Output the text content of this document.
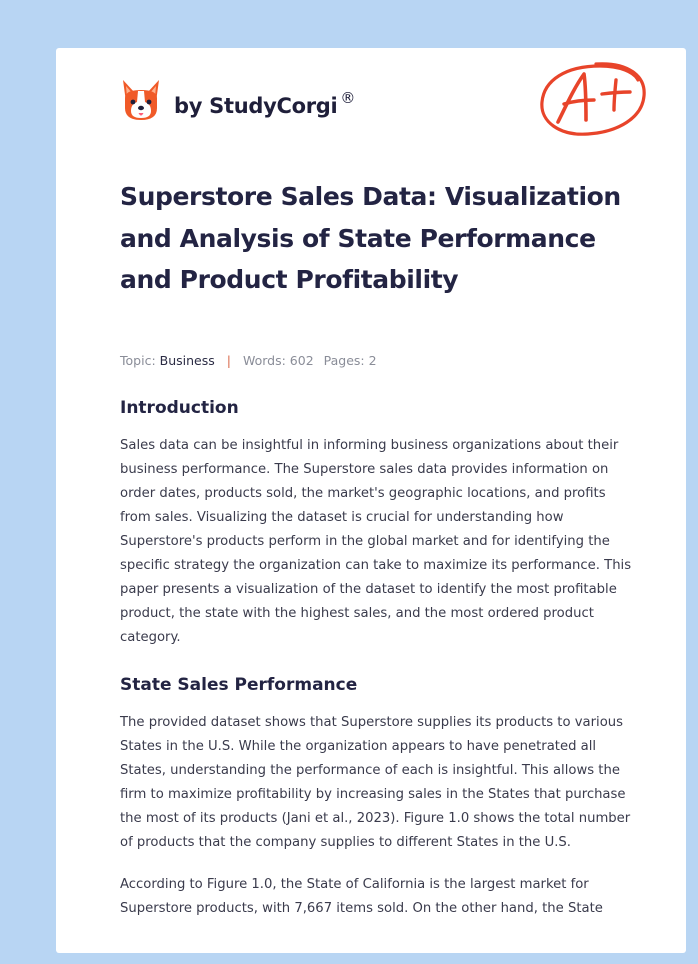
by StudyCorgi ®
Superstore Sales Data: Visualization and Analysis of State Performance and Product Profitability
Topic: Business | Words: 602 Pages: 2
Introduction

Sales data can be insightful in informing business organizations about their business performance. The Superstore sales data provides information on order dates, products sold, the market's geographic locations, and profits from sales. Visualizing the dataset is crucial for understanding how Superstore's products perform in the global market and for identifying the specific strategy the organization can take to maximize its performance. This paper presents a visualization of the dataset to identify the most profitable product, the state with the highest sales, and the most ordered product category.

State Sales Performance

The provided dataset shows that Superstore supplies its products to various States in the U.S. While the organization appears to have penetrated all States, understanding the performance of each is insightful. This allows the firm to maximize profitability by increasing sales in the States that purchase the most of its products (Jani et al., 2023). Figure 1.0 shows the total number of products that the company supplies to different States in the U.S.

According to Figure 1.0, the State of California is the largest market for Superstore products, with 7,667 items sold. On the other hand, the State
